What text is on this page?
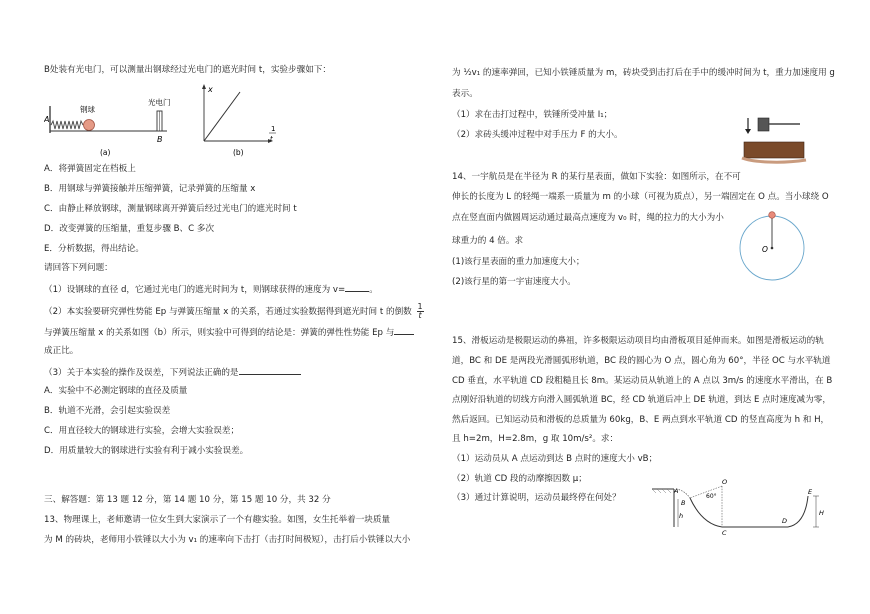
B处装有光电门，可以测量出钢球经过光电门的遮光时间 t，实验步骤如下：
A
钢球
光电门
B
(a)
x
1
t
(b)
A．将弹簧固定在档板上
B．用钢球与弹簧接触并压缩弹簧，记录弹簧的压缩量 x
C．由静止释放钢球，测量钢球离开弹簧后经过光电门的遮光时间 t
D．改变弹簧的压缩量，重复步骤 B、C 多次
E．分析数据，得出结论。
请回答下列问题：
（1）设钢球的直径 d，它通过光电门的遮光时间为 t，则钢球获得的速度为 v=	。
（2）本实验要研究弹性势能 Ep 与弹簧压缩量 x 的关系，若通过实验数据得到遮光时间 t 的倒数 $\frac{1}{t}$
与弹簧压缩量 x 的关系如图（b）所示，则实验中可得到的结论是：弹簧的弹性性势能 Ep 与
成正比。
（3）关于本实验的操作及误差，下列说法正确的是
A．实验中不必测定钢球的直径及质量
B．轨道不光滑，会引起实验误差
C．用直径较大的钢球进行实验，会增大实验误差；
D．用质量较大的钢球进行实验有利于减小实验误差。
三、解答题：第 13 题 12 分，第 14 题 10 分，第 15 题 10 分，共 32 分
13、物理课上，老师邀请一位女生到大家演示了一个有趣实验。如图，女生托举着一块质量
为 M 的砖块，老师用小铁锤以大小为 v₁ 的速率向下击打（击打时间极短），击打后小铁锤以大小
为 ½v₁ 的速率弹回，已知小铁锤质量为 m，砖块受到击打后在手中的缓冲时间为 t，重力加速度用 g
表示。
（1）求在击打过程中，铁锤所受冲量 I₁；
（2）求砖头缓冲过程中对手压力 F 的大小。
14、一宇航员是在半径为 R 的某行星表面，做如下实验：如图所示，在不可
伸长的长度为 L 的轻绳一端系一质量为 m 的小球（可视为质点），另一端固定在 O 点。当小球绕 O
点在竖直面内做圆周运动通过最高点速度为 v₀ 时，绳的拉力的大小为小
球重力的 4 倍。求
(1)该行星表面的重力加速度大小；
(2)该行星的第一宇宙速度大小。
O
15、滑板运动是极限运动的鼻祖，许多极限运动项目均由滑板项目延伸而来。如图是滑板运动的轨
道，BC 和 DE 是两段光滑圆弧形轨道，BC 段的圆心为 O 点，圆心角为 60°，半径 OC 与水平轨道
CD 垂直，水平轨道 CD 段粗糙且长 8m。某运动员从轨道上的 A 点以 3m/s 的速度水平滑出，在 B
点刚好沿轨道的切线方向滑入圆弧轨道 BC，经 CD 轨道后冲上 DE 轨道，到达 E 点时速度减为零，
然后返回。已知运动员和滑板的总质量为 60kg，B、E 两点到水平轨道 CD 的竖直高度为 h 和 H，
且 h=2m，H=2.8m，g 取 10m/s²。求：
（1）运动员从 A 点运动到达 B 点时的速度大小 vB；
（2）轨道 CD 段的动摩擦因数 μ；
（3）通过计算说明，运动员最终停在何处？
A
B
h
O
60°
C
D
E
H
